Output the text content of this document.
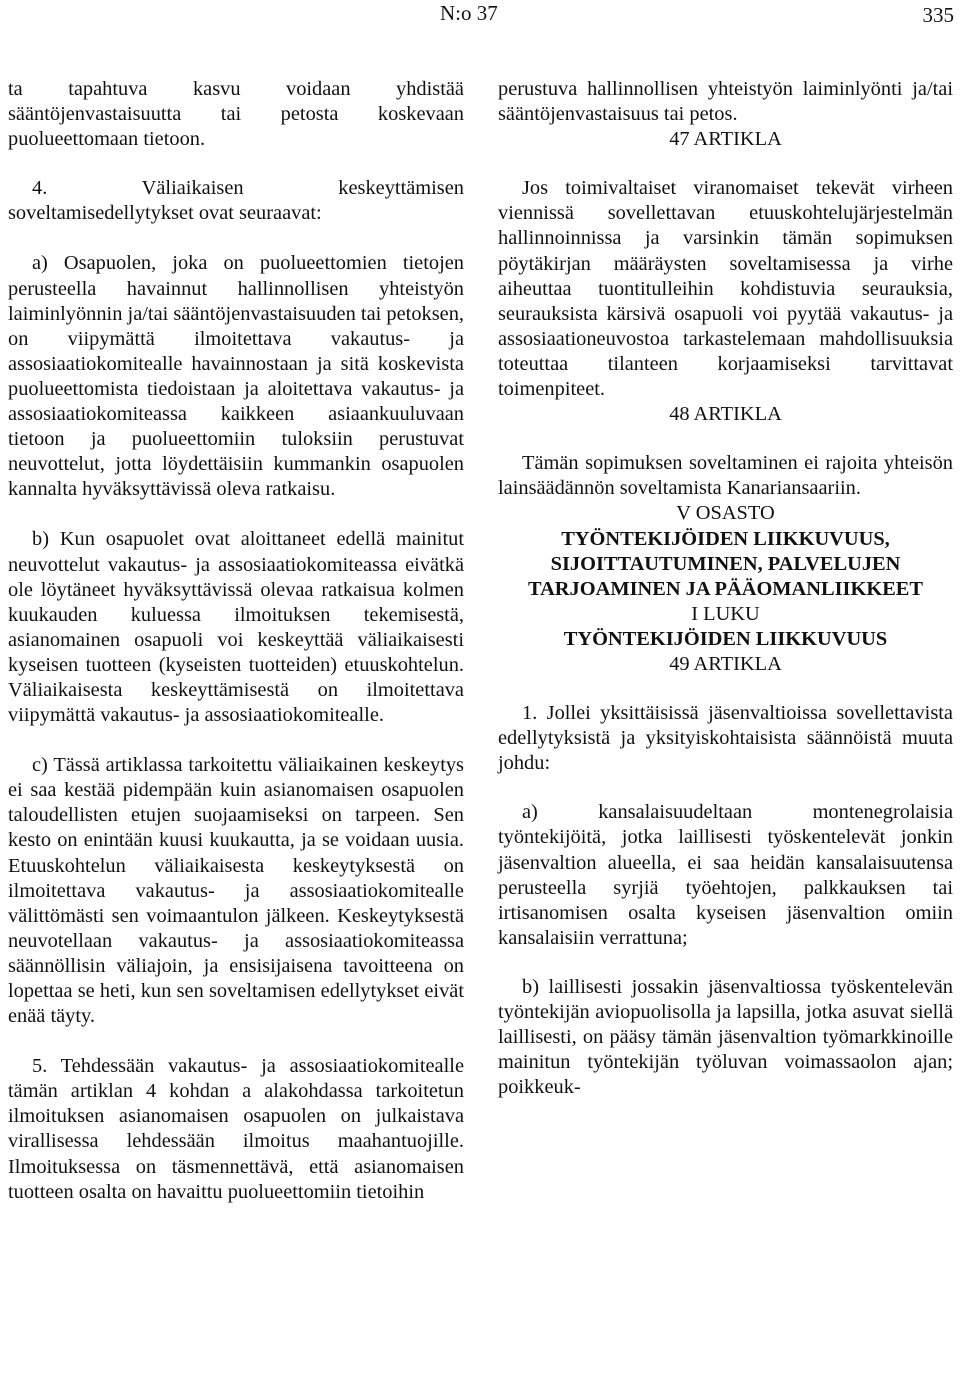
N:o 37	335

ta tapahtuva kasvu voidaan yhdistää sääntöjenvastaisuutta tai petosta koskevaan puolueettomaan tietoon.

4. Väliaikaisen keskeyttämisen soveltamisedellytykset ovat seuraavat:

a) Osapuolen, joka on puolueettomien tietojen perusteella havainnut hallinnollisen yhteistyön laiminlyönnin ja/tai sääntöjenvastaisuuden tai petoksen, on viipymättä ilmoitettava vakautus- ja assosiaatiokomitealle havainnostaan ja sitä koskevista puolueettomista tiedoistaan ja aloitettava vakautus- ja assosiaatiokomiteassa kaikkeen asiaankuuluvaan tietoon ja puolueettomiin tuloksiin perustuvat neuvottelut, jotta löydettäisiin kummankin osapuolen kannalta hyväksyttävissä oleva ratkaisu.

b) Kun osapuolet ovat aloittaneet edellä mainitut neuvottelut vakautus- ja assosiaatiokomiteassa eivätkä ole löytäneet hyväksyttävissä olevaa ratkaisua kolmen kuukauden kuluessa ilmoituksen tekemisestä, asianomainen osapuoli voi keskeyttää väliaikaisesti kyseisen tuotteen (kyseisten tuotteiden) etuuskohtelun. Väliaikaisesta keskeyttämisestä on ilmoitettava viipymättä vakautus- ja assosiaatiokomitealle.

c) Tässä artiklassa tarkoitettu väliaikainen keskeytys ei saa kestää pidempään kuin asianomaisen osapuolen taloudellisten etujen suojaamiseksi on tarpeen. Sen kesto on enintään kuusi kuukautta, ja se voidaan uusia. Etuuskohtelun väliaikaisesta keskeytyksestä on ilmoitettava vakautus- ja assosiaatiokomitealle välittömästi sen voimaantulon jälkeen. Keskeytyksestä neuvotellaan vakautus- ja assosiaatiokomiteassa säännöllisin väliajoin, ja ensisijaisena tavoitteena on lopettaa se heti, kun sen soveltamisen edellytykset eivät enää täyty.

5. Tehdessään vakautus- ja assosiaatiokomitealle tämän artiklan 4 kohdan a alakohdassa tarkoitetun ilmoituksen asianomaisen osapuolen on julkaistava virallisessa lehdessään ilmoitus maahantuojille. Ilmoituksessa on täsmennettävä, että asianomaisen tuotteen osalta on havaittu puolueettomiin tietoihin

perustuva hallinnollisen yhteistyön laiminlyönti ja/tai sääntöjenvastaisuus tai petos.

47 ARTIKLA

Jos toimivaltaiset viranomaiset tekevät virheen viennissä sovellettavan etuuskohtelujärjestelmän hallinnoinnissa ja varsinkin tämän sopimuksen pöytäkirjan määräysten soveltamisessa ja virhe aiheuttaa tuontitulleihin kohdistuvia seurauksia, seurauksista kärsivä osapuoli voi pyytää vakautus- ja assosiaationeuvostoa tarkastelemaan mahdollisuuksia toteuttaa tilanteen korjaamiseksi tarvittavat toimenpiteet.

48 ARTIKLA

Tämän sopimuksen soveltaminen ei rajoita yhteisön lainsäädännön soveltamista Kanariansaariin.

V OSASTO

TYÖNTEKIJÖIDEN LIIKKUVUUS, SIJOITTAUTUMINEN, PALVELUJEN TARJOAMINEN JA PÄÄOMANLIIKKEET

I LUKU

TYÖNTEKIJÖIDEN LIIKKUVUUS

49 ARTIKLA

1. Jollei yksittäisissä jäsenvaltioissa sovellettavista edellytyksistä ja yksityiskohtaisista säännöistä muuta johdu:

a) kansalaisuudeltaan montenegrolaisia työntekijöitä, jotka laillisesti työskentelevät jonkin jäsenvaltion alueella, ei saa heidän kansalaisuutensa perusteella syrjiä työehtojen, palkkauksen tai irtisanomisen osalta kyseisen jäsenvaltion omiin kansalaisiin verrattuna;

b) laillisesti jossakin jäsenvaltiossa työskentelevän työntekijän aviopuolisolla ja lapsilla, jotka asuvat siellä laillisesti, on pääsy tämän jäsenvaltion työmarkkinoille mainitun työntekijän työluvan voimassaolon ajan; poikkeuk-
